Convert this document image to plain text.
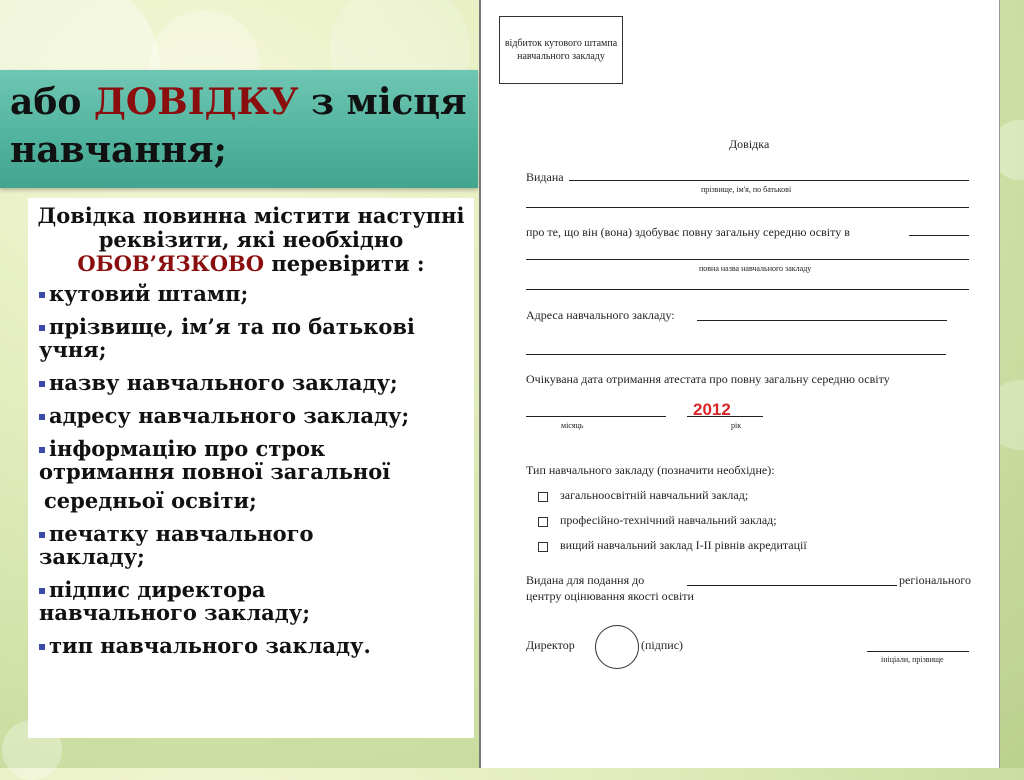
або ДОВІДКУ з місця навчання;
Довідка повинна містити наступні реквізити, які необхідно ОБОВ’ЯЗКОВО перевірити :
кутовий штамп;
прізвище, ім’я та по батькові
учня;
назву навчального закладу;
адресу навчального закладу;
інформацію про строк
отримання повної загальної
середньої освіти;
печатку навчального
закладу;
підпис директора
навчального закладу;
тип навчального закладу.
відбиток кутового штампа навчального закладу
Довідка
Видана
прізвище, ім'я, по батькові
про те, що він (вона) здобуває повну загальну середню освіту в
повна назва навчального закладу
Адреса навчального закладу:
Очікувана дата отримання атестата про повну загальну середню освіту
2012
місяць	рік
Тип навчального закладу (позначити необхідне):
загальноосвітній навчальний заклад;
професійно-технічний навчальний заклад;
вищий навчальний заклад І-ІІ рівнів акредитації
Видана для подання до	регіонального
центру оцінювання якості освіти
Директор	(підпис)
ініціали, прізвище
